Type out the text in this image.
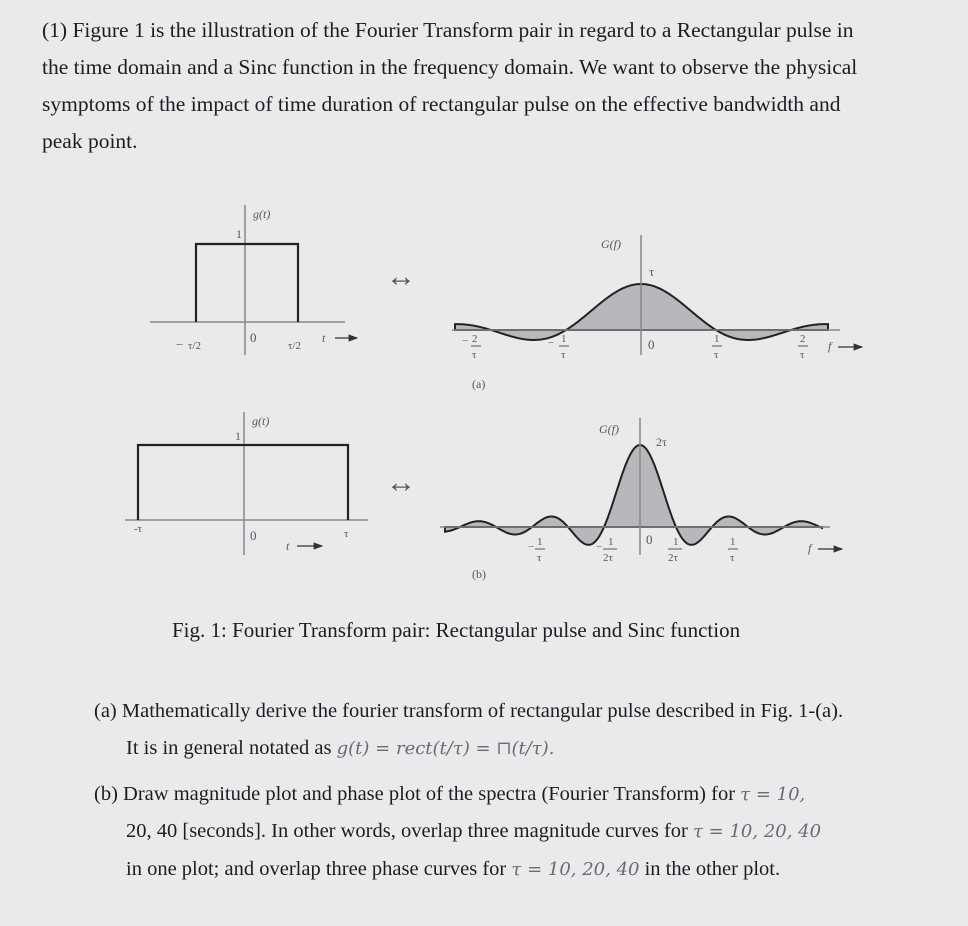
(1) Figure 1 is the illustration of the Fourier Transform pair in regard to a Rectangular pulse in
the time domain and a Sinc function in the frequency domain. We want to observe the physical
symptoms of the impact of time duration of rectangular pulse on the effective bandwidth and
peak point.
g(t)
1
0	t
− τ/2	τ/2
↔
G(f)
τ
0	f
− 2
τ
− 1
τ
1
τ
2
τ
(a)
g(t)
1
0
-τ	τ
t
↔
G(f)
2τ
0
f
− 1
τ
− 1
2τ
1
2τ
1
τ
(b)
Fig. 1: Fourier Transform pair: Rectangular pulse and Sinc function
(a) Mathematically derive the fourier transform of rectangular pulse described in Fig. 1-(a).
It is in general notated as g(t) = rect(t/τ) = ⊓(t/τ).
(b) Draw magnitude plot and phase plot of the spectra (Fourier Transform) for τ = 10,
20, 40 [seconds]. In other words, overlap three magnitude curves for τ = 10, 20, 40
in one plot; and overlap three phase curves for τ = 10, 20, 40 in the other plot.
